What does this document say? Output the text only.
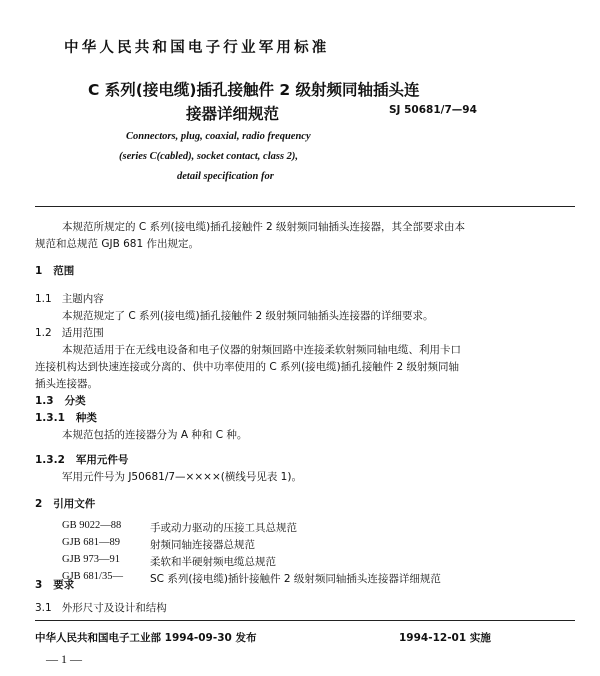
中华人民共和国电子行业军用标准
C 系列(接电缆)插孔接触件 2 级射频同轴插头连
接器详细规范	SJ 50681/7—94
Connectors, plug, coaxial, radio frequency
(series C(cabled), socket contact, class 2),
detail specification for
本规范所规定的 C 系列(接电缆)插孔接触件 2 级射频同轴插头连接器，其全部要求由本
规范和总规范 GJB 681 作出规定。
1 范围
1.1 主题内容
本规范规定了 C 系列(接电缆)插孔接触件 2 级射频同轴插头连接器的详细要求。
1.2 适用范围
本规范适用于在无线电设备和电子仪器的射频回路中连接柔软射频同轴电缆、利用卡口
连接机构达到快速连接或分离的、供中功率使用的 C 系列(接电缆)插孔接触件 2 级射频同轴
插头连接器。
1.3 分类
1.3.1 种类
本规范包括的连接器分为 A 种和 C 种。
1.3.2 军用元件号
军用元件号为 J50681/7—××××(横线号见表 1)。
2 引用文件
GB 9022—88	手或动力驱动的压接工具总规范
GJB 681—89	射频同轴连接器总规范
GJB 973—91	柔软和半硬射频电缆总规范
GJB 681/35—	SC 系列(接电缆)插针接触件 2 级射频同轴插头连接器详细规范
3 要求
3.1 外形尺寸及设计和结构
中华人民共和国电子工业部 1994-09-30 发布	1994-12-01 实施
— 1 —
